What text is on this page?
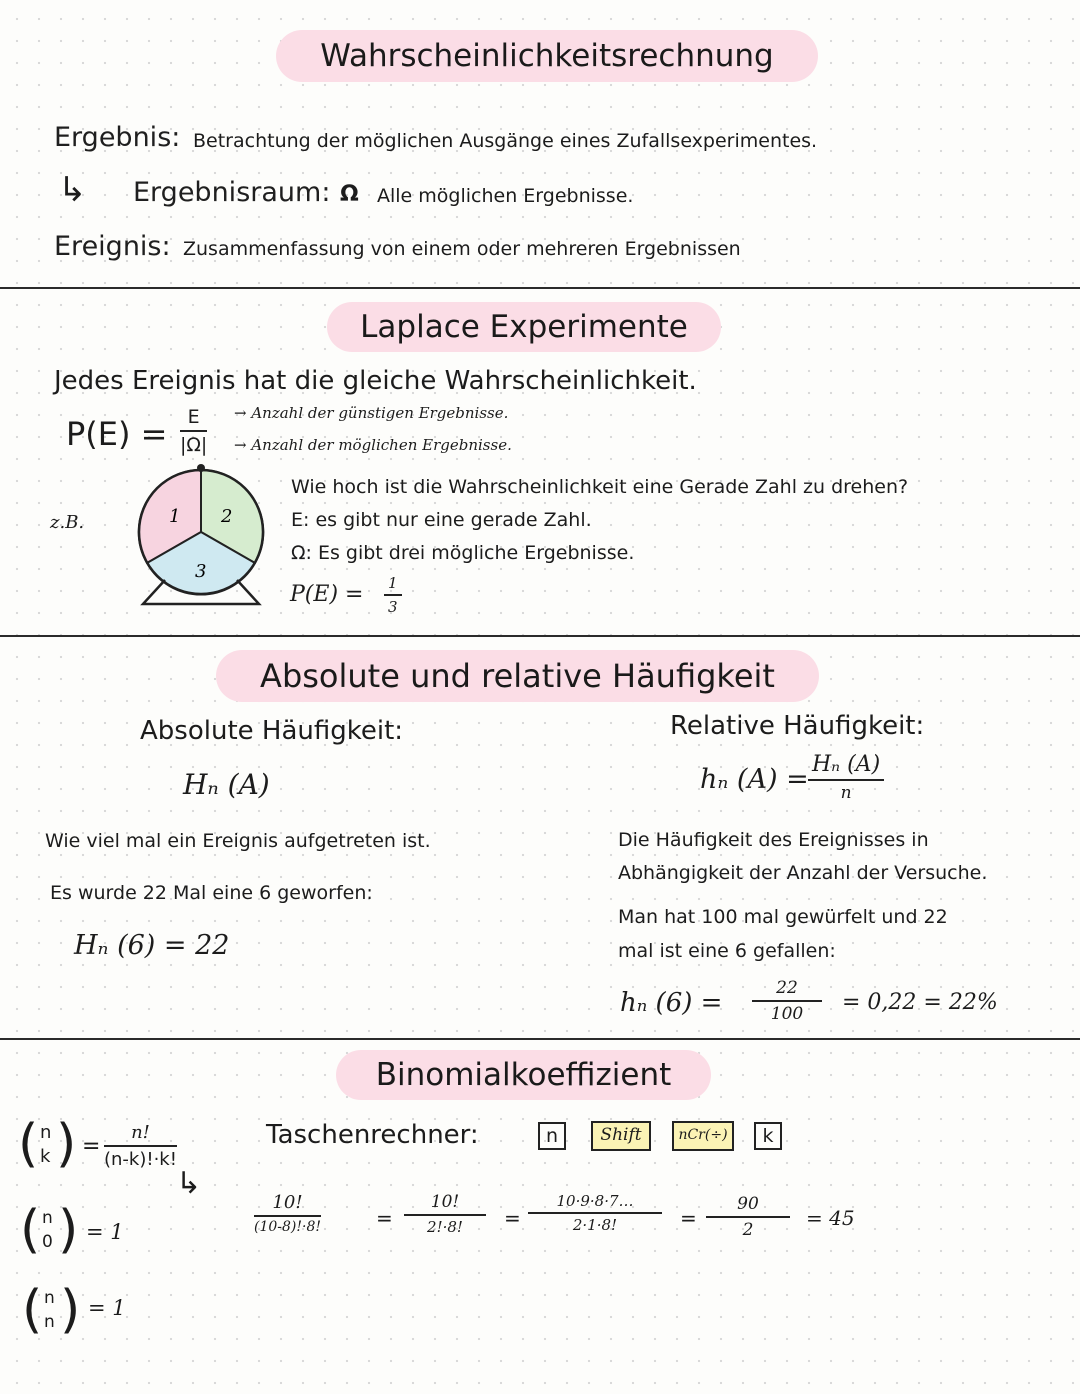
Wahrscheinlichkeitsrechnung
Ergebnis: Betrachtung der möglichen Ausgänge eines Zufallsexperimentes.
↳ Ergebnisraum: Ω Alle möglichen Ergebnisse.
Ereignis: Zusammenfassung von einem oder mehreren Ergebnissen
Laplace Experimente
Jedes Ereignis hat die gleiche Wahrscheinlichkeit.
P(E) = E
|Ω|
→ Anzahl der günstigen Ergebnisse.
→ Anzahl der möglichen Ergebnisse.
z.B.	1 2
3
Wie hoch ist die Wahrscheinlichkeit eine Gerade Zahl zu drehen?
E: es gibt nur eine gerade Zahl.
Ω: Es gibt drei mögliche Ergebnisse.
P(E) = 1
3
Absolute und relative Häufigkeit
Absolute Häufigkeit:
Hₙ (A)
Wie viel mal ein Ereignis aufgetreten ist.
Es wurde 22 Mal eine 6 geworfen:
Hₙ (6) = 22
Relative Häufigkeit:
hₙ (A) = Hₙ (A)
n
Die Häufigkeit des Ereignisses in
Abhängigkeit der Anzahl der Versuche.
Man hat 100 mal gewürfelt und 22
mal ist eine 6 gefallen:
hₙ (6) =	22
100 = 0,22 = 22%
Binomialkoeffizient
( n
k ) =
n!
(n-k)!·k!
( n
0 ) = 1
( n
n ) = 1
Taschenrechner:	n	Shift	nCr(÷)	k
↳
10!
(10-8)!·8!	=
10!
2!·8! =
10·9·8·7…
2·1·8!	=
90
2	= 45
